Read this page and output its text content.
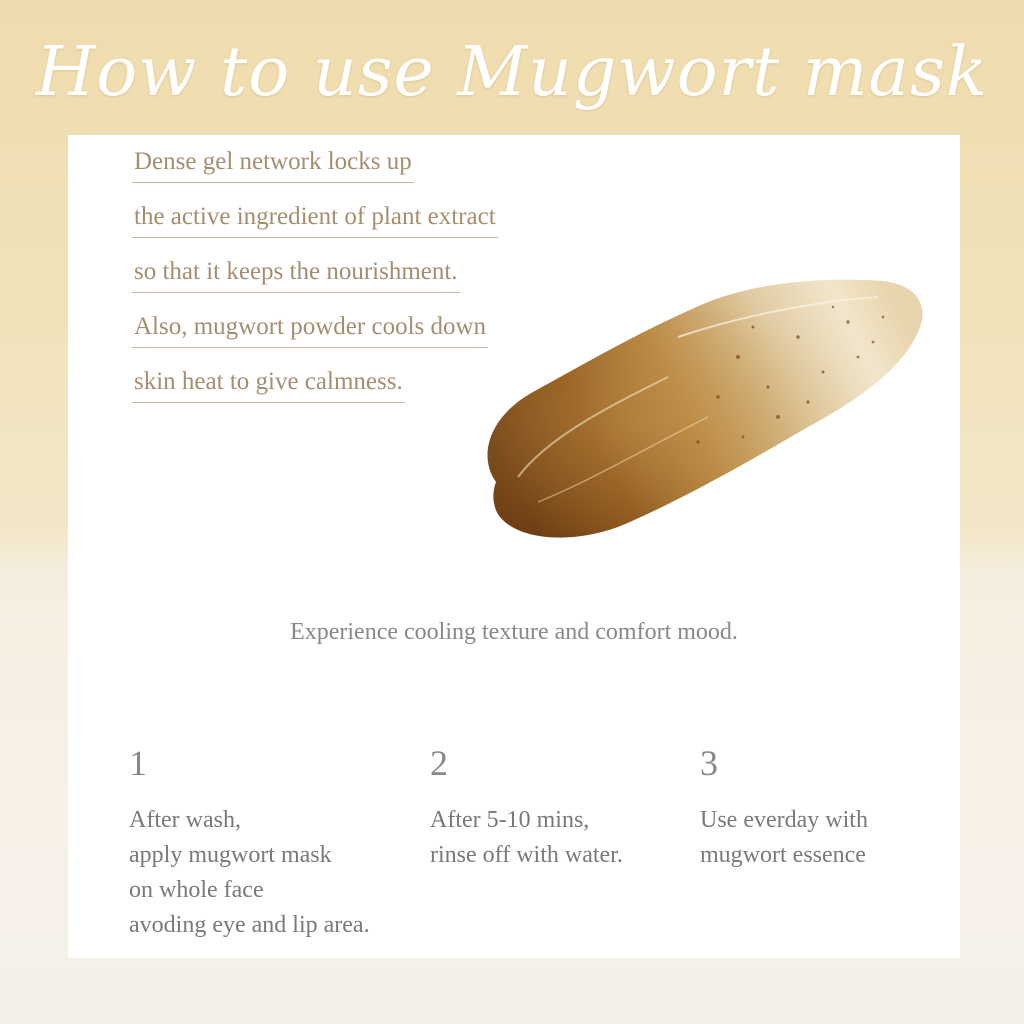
How to use Mugwort mask
Dense gel network locks up
the active ingredient of plant extract
so that it keeps the nourishment.
Also, mugwort powder cools down
skin heat to give calmness.

Experience cooling texture and comfort mood.

1

After wash,
apply mugwort mask
on whole face
avoding eye and lip area.

2

After 5-10 mins,
rinse off with water.

3

Use everday with
mugwort essence
